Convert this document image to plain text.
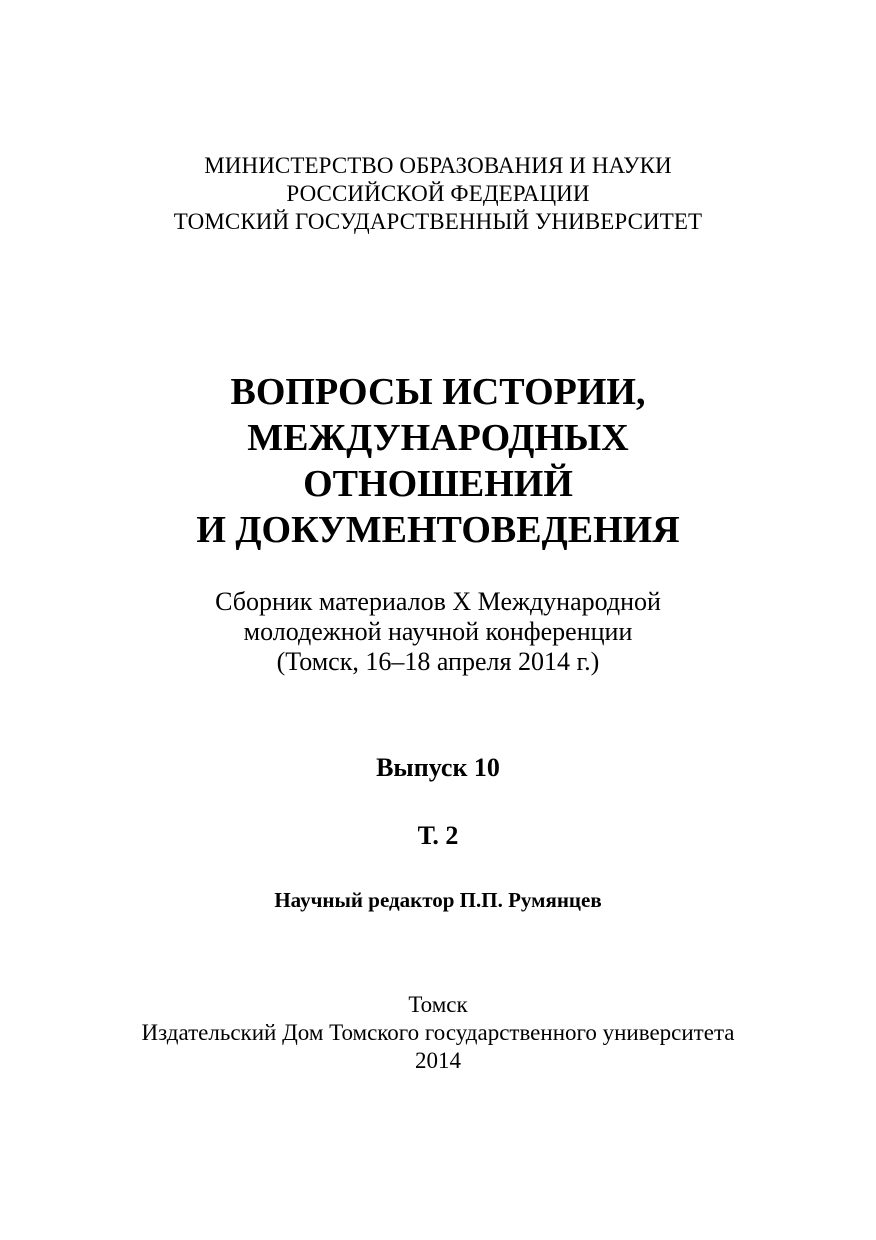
МИНИСТЕРСТВО ОБРАЗОВАНИЯ И НАУКИ
РОССИЙСКОЙ ФЕДЕРАЦИИ
ТОМСКИЙ ГОСУДАРСТВЕННЫЙ УНИВЕРСИТЕТ
ВОПРОСЫ ИСТОРИИ,
МЕЖДУНАРОДНЫХ
ОТНОШЕНИЙ
И ДОКУМЕНТОВЕДЕНИЯ
Сборник материалов X Международной
молодежной научной конференции
(Томск, 16–18 апреля 2014 г.)
Выпуск 10
Т. 2
Научный редактор П.П. Румянцев
Томск
Издательский Дом Томского государственного университета
2014
